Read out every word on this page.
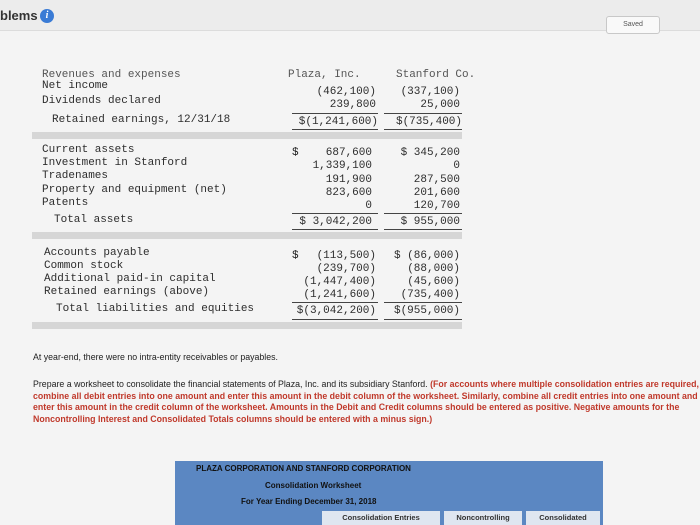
blems i
Saved
Revenues and expenses	Plaza, Inc.	Stanford Co.
Net income	(462,100)	(337,100)
Dividends declared	239,800	25,000
Retained earnings, 12/31/18	$(1,241,600)	$(735,400)
Current assets	$	687,600	$ 345,200
Investment in Stanford	1,339,100	0
Tradenames	191,900	287,500
Property and equipment (net)	823,600	201,600
Patents	0	120,700
Total assets	$ 3,042,200	$ 955,000
Accounts payable	$	(113,500)	$ (86,000)
Common stock	(239,700)	(88,000)
Additional paid-in capital	(1,447,400)	(45,600)
Retained earnings (above)	(1,241,600)	(735,400)
Total liabilities and equities	$(3,042,200)	$(955,000)
At year-end, there were no intra-entity receivables or payables.
Prepare a worksheet to consolidate the financial statements of Plaza, Inc. and its subsidiary Stanford. (For accounts where multiple consolidation entries are required, combine all debit entries into one amount and enter this amount in the debit column of the worksheet. Similarly, combine all credit entries into one amount and enter this amount in the credit column of the worksheet. Amounts in the Debit and Credit columns should be entered as positive. Negative amounts for the Noncontrolling Interest and Consolidated Totals columns should be entered with a minus sign.)
PLAZA CORPORATION AND STANFORD CORPORATION
Consolidation Worksheet
For Year Ending December 31, 2018
Consolidation Entries	Noncontrolling	Consolidated
